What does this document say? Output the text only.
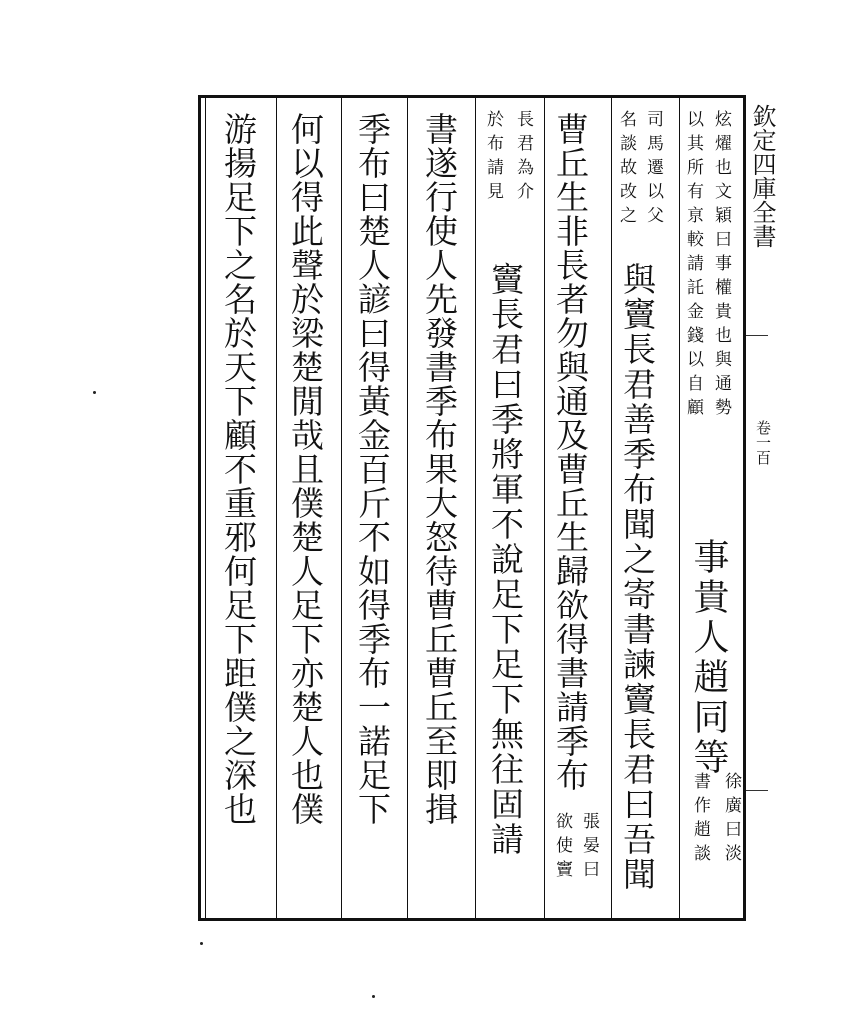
欽定四庫全書
卷一百
炫燿也文穎曰事權貴也與通勢
以其所有亰較請託金錢以自顧
事貴人趙同等
徐廣曰淡
書作趙談
司馬遷以父
名談故改之
與竇長君善季布聞之寄書諫竇長君曰吾聞
曹丘生非長者勿與通及曹丘生歸欲得書請季布
張晏曰
欲使竇
長君為介
於布請見
竇長君曰季將軍不說足下足下無往固請
書遂行使人先發書季布果大怒待曹丘曹丘至即揖
季布曰楚人諺曰得黃金百斤不如得季布一諾足下
何以得此聲於梁楚閒哉且僕楚人足下亦楚人也僕
游揚足下之名於天下顧不重邪何足下距僕之深也
